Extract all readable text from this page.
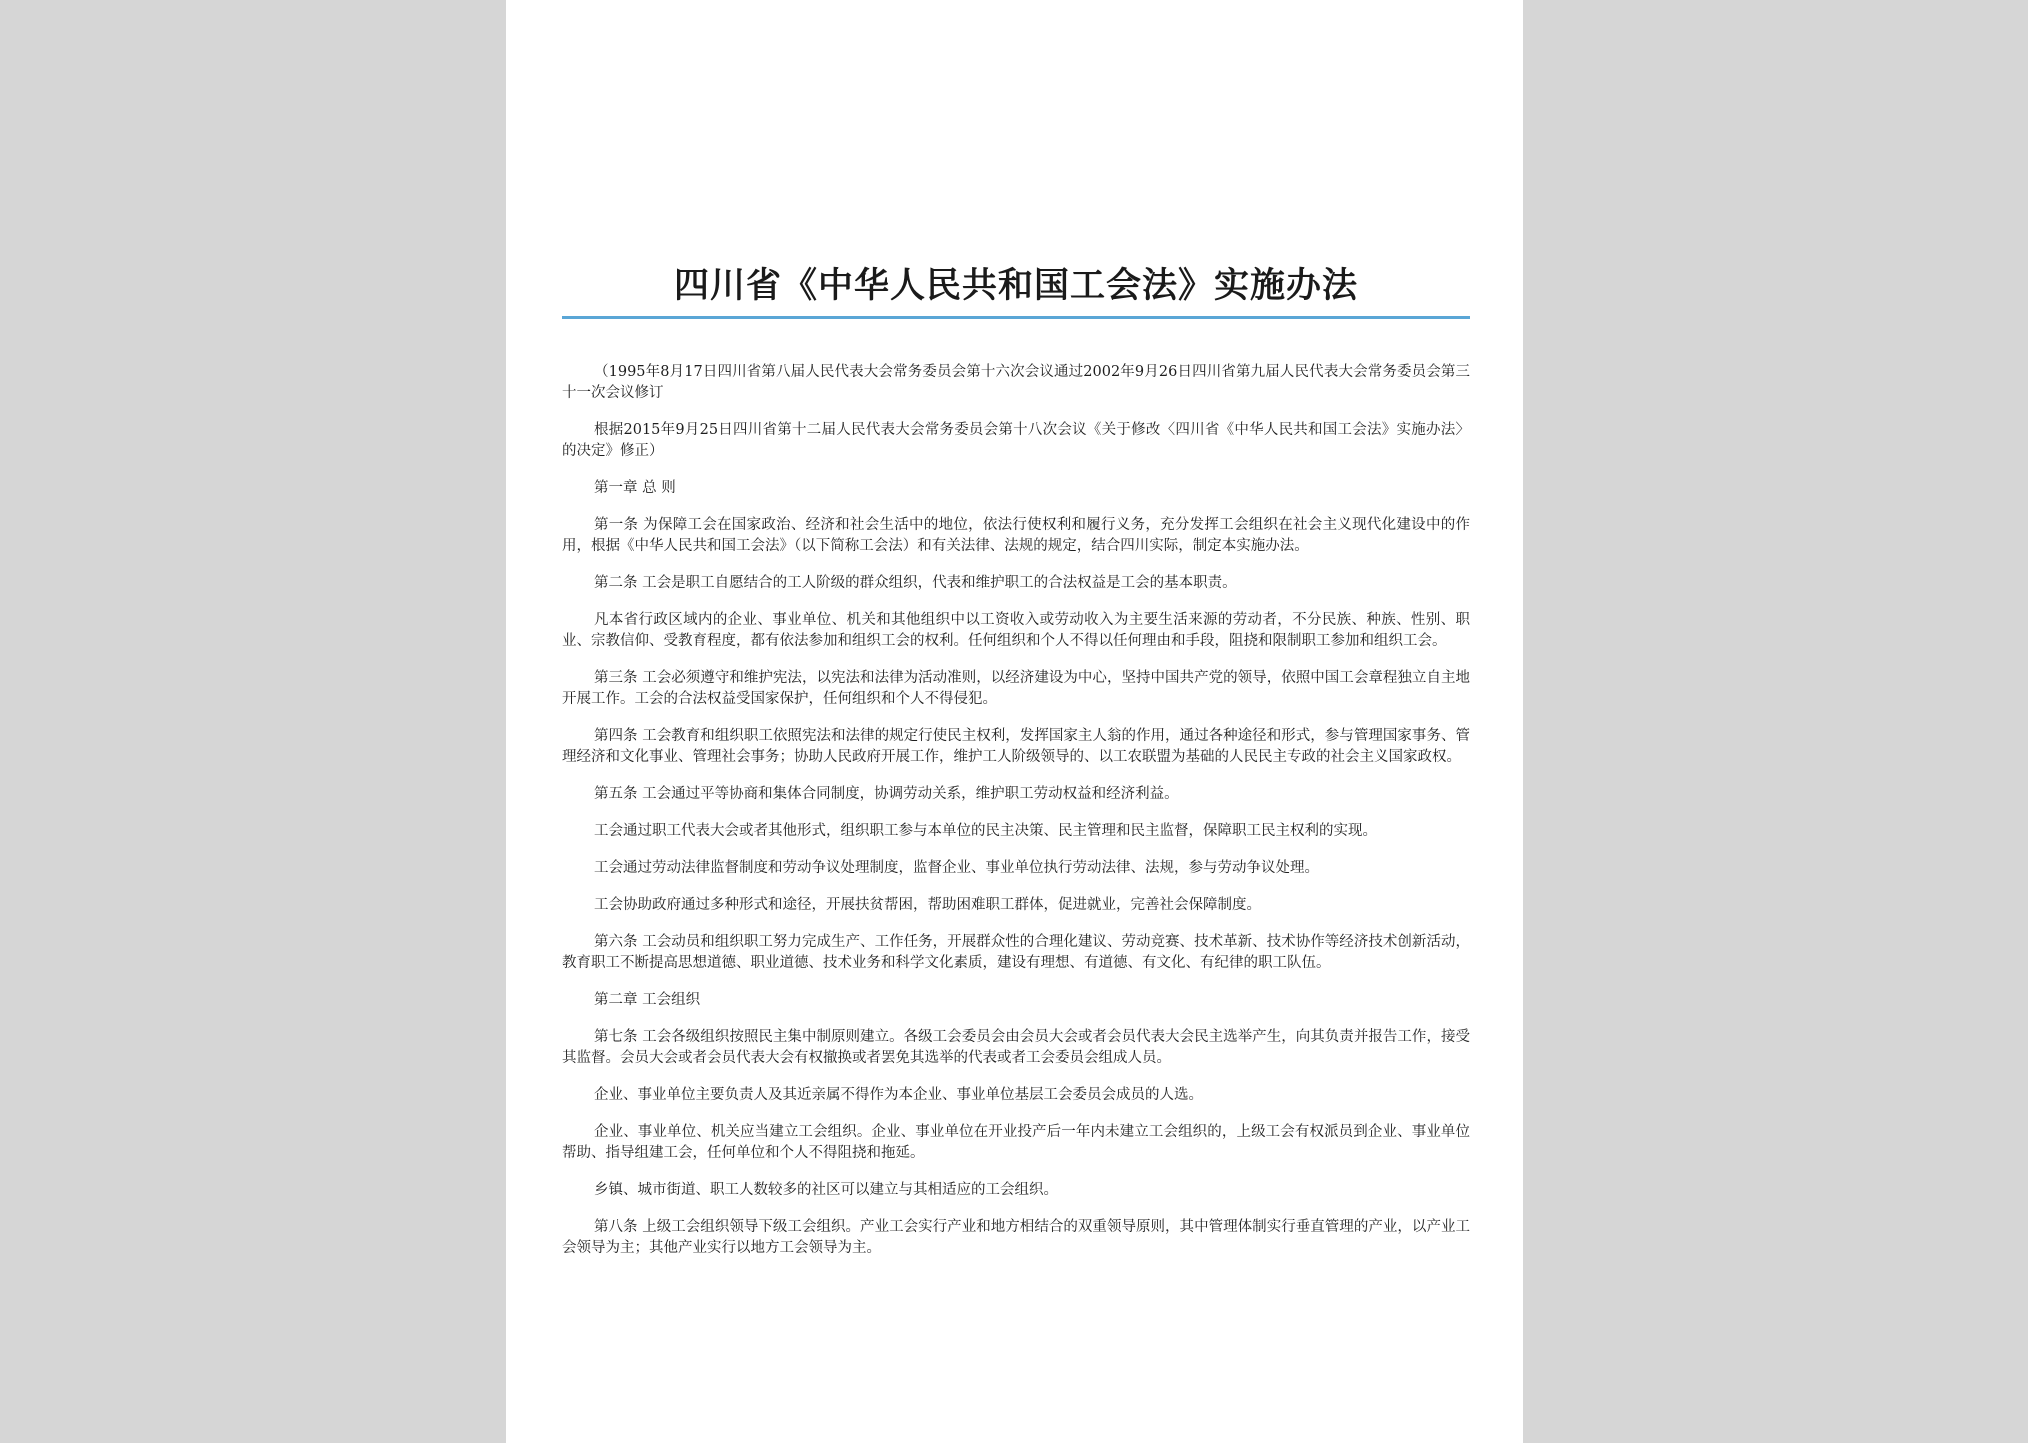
四川省《中华人民共和国工会法》实施办法

（1995年8月17日四川省第八届人民代表大会常务委员会第十六次会议通过2002年9月26日四川省第九届人民代表大会常务委员会第三十一次会议修订

根据2015年9月25日四川省第十二届人民代表大会常务委员会第十八次会议《关于修改〈四川省《中华人民共和国工会法》实施办法〉的决定》修正）

第一章 总 则

第一条 为保障工会在国家政治、经济和社会生活中的地位，依法行使权利和履行义务，充分发挥工会组织在社会主义现代化建设中的作用，根据《中华人民共和国工会法》（以下简称工会法）和有关法律、法规的规定，结合四川实际，制定本实施办法。

第二条 工会是职工自愿结合的工人阶级的群众组织，代表和维护职工的合法权益是工会的基本职责。

凡本省行政区域内的企业、事业单位、机关和其他组织中以工资收入或劳动收入为主要生活来源的劳动者，不分民族、种族、性别、职业、宗教信仰、受教育程度，都有依法参加和组织工会的权利。任何组织和个人不得以任何理由和手段，阻挠和限制职工参加和组织工会。

第三条 工会必须遵守和维护宪法，以宪法和法律为活动准则，以经济建设为中心，坚持中国共产党的领导，依照中国工会章程独立自主地开展工作。工会的合法权益受国家保护，任何组织和个人不得侵犯。

第四条 工会教育和组织职工依照宪法和法律的规定行使民主权利，发挥国家主人翁的作用，通过各种途径和形式，参与管理国家事务、管理经济和文化事业、管理社会事务；协助人民政府开展工作，维护工人阶级领导的、以工农联盟为基础的人民民主专政的社会主义国家政权。

第五条 工会通过平等协商和集体合同制度，协调劳动关系，维护职工劳动权益和经济利益。

工会通过职工代表大会或者其他形式，组织职工参与本单位的民主决策、民主管理和民主监督，保障职工民主权利的实现。

工会通过劳动法律监督制度和劳动争议处理制度，监督企业、事业单位执行劳动法律、法规，参与劳动争议处理。

工会协助政府通过多种形式和途径，开展扶贫帮困，帮助困难职工群体，促进就业，完善社会保障制度。

第六条 工会动员和组织职工努力完成生产、工作任务，开展群众性的合理化建议、劳动竞赛、技术革新、技术协作等经济技术创新活动，教育职工不断提高思想道德、职业道德、技术业务和科学文化素质，建设有理想、有道德、有文化、有纪律的职工队伍。

第二章 工会组织

第七条 工会各级组织按照民主集中制原则建立。各级工会委员会由会员大会或者会员代表大会民主选举产生，向其负责并报告工作，接受其监督。会员大会或者会员代表大会有权撤换或者罢免其选举的代表或者工会委员会组成人员。

企业、事业单位主要负责人及其近亲属不得作为本企业、事业单位基层工会委员会成员的人选。

企业、事业单位、机关应当建立工会组织。企业、事业单位在开业投产后一年内未建立工会组织的，上级工会有权派员到企业、事业单位帮助、指导组建工会，任何单位和个人不得阻挠和拖延。

乡镇、城市街道、职工人数较多的社区可以建立与其相适应的工会组织。

第八条 上级工会组织领导下级工会组织。产业工会实行产业和地方相结合的双重领导原则，其中管理体制实行垂直管理的产业，以产业工会领导为主；其他产业实行以地方工会领导为主。
